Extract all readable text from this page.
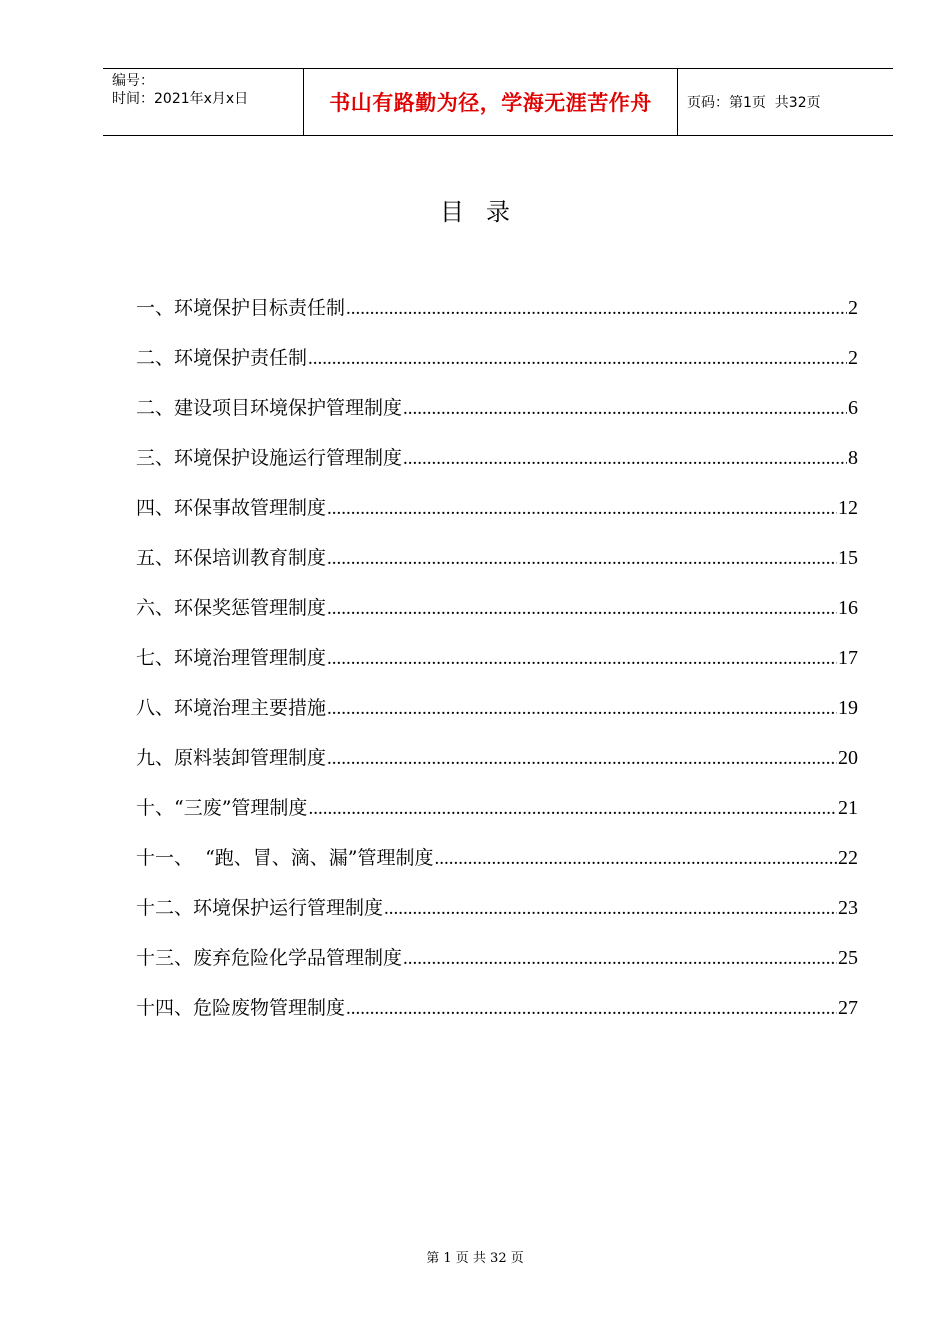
编号：
时间：2021年x月x日	书山有路勤为径，学海无涯苦作舟	页码：第1页  共32页
目录
一、环境保护目标责任制 .....	2
二、环境保护责任制 .....	2
二、建设项目环境保护管理制度 .....	6
三、环境保护设施运行管理制度 .....	8
四、环保事故管理制度 .....	12
五、环保培训教育制度 .....	15
六、环保奖惩管理制度 .....	16
七、环境治理管理制度 .....	17
八、环境治理主要措施 .....	19
九、原料装卸管理制度 .....	20
十、“三废”管理制度 .....	21
十一、  “跑、冒、滴、漏”管理制度 .....	22
十二、环境保护运行管理制度 .....	23
十三、废弃危险化学品管理制度 .....	25
十四、危险废物管理制度 .....	27
第 1 页 共 32 页
